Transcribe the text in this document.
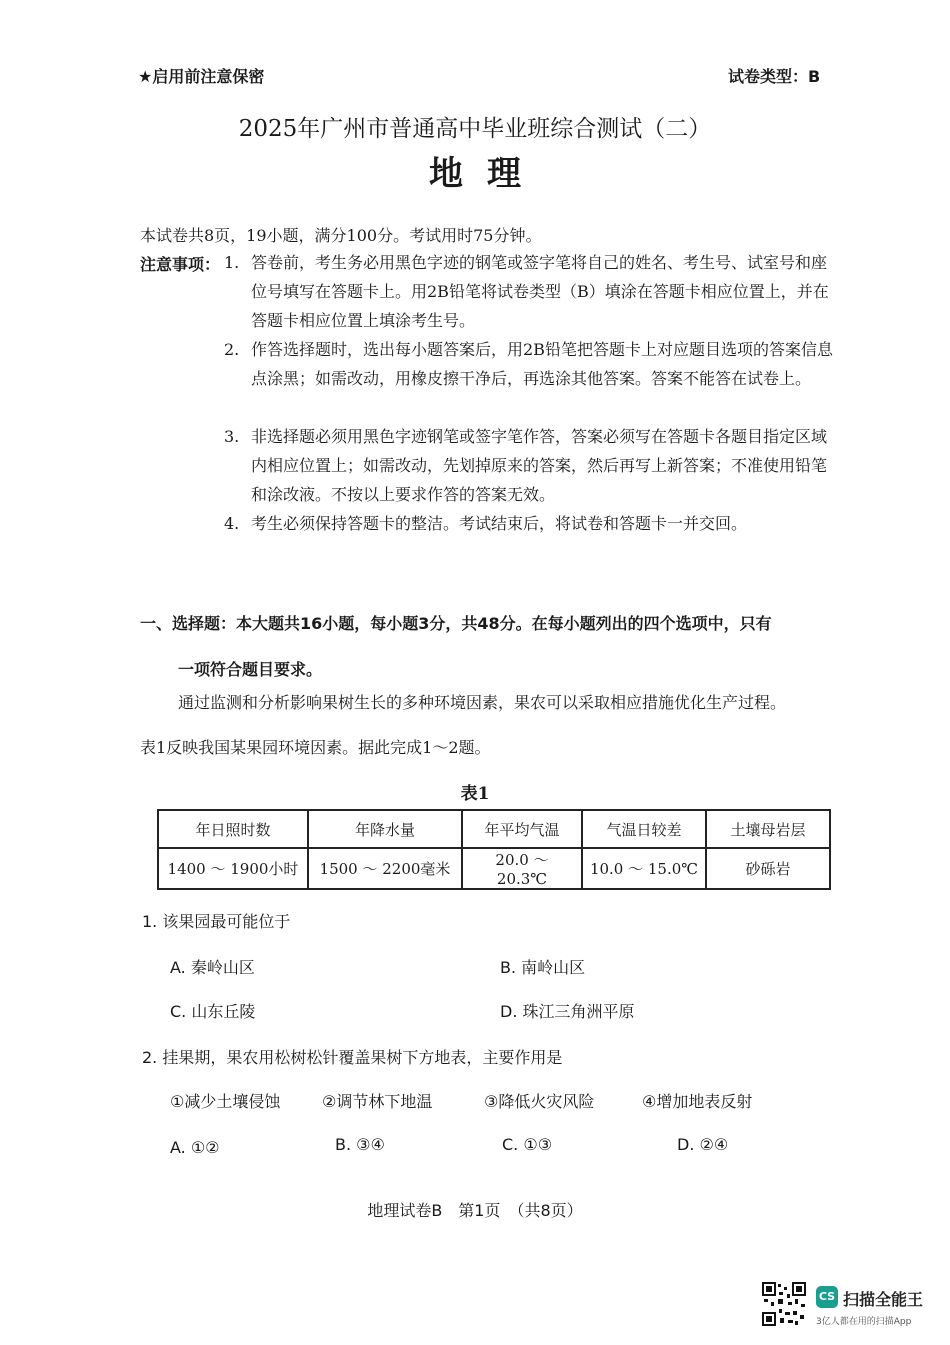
★启用前注意保密	试卷类型：B
2025年广州市普通高中毕业班综合测试（二）
地理
本试卷共8页，19小题，满分100分。考试用时75分钟。
注意事项： 1. 答卷前，考生务必用黑色字迹的钢笔或签字笔将自己的姓名、考生号、试室号和座位号填写在答题卡上。用2B铅笔将试卷类型（B）填涂在答题卡相应位置上，并在答题卡相应位置上填涂考生号。
2. 作答选择题时，选出每小题答案后，用2B铅笔把答题卡上对应题目选项的答案信息点涂黑；如需改动，用橡皮擦干净后，再选涂其他答案。答案不能答在试卷上。
3. 非选择题必须用黑色字迹钢笔或签字笔作答，答案必须写在答题卡各题目指定区域内相应位置上；如需改动，先划掉原来的答案，然后再写上新答案；不准使用铅笔和涂改液。不按以上要求作答的答案无效。
4. 考生必须保持答题卡的整洁。考试结束后，将试卷和答题卡一并交回。
一、选择题：本大题共16小题，每小题3分，共48分。在每小题列出的四个选项中，只有
一项符合题目要求。
通过监测和分析影响果树生长的多种环境因素，果农可以采取相应措施优化生产过程。
表1反映我国某果园环境因素。据此完成1～2题。
表1
年日照时数	年降水量	年平均气温	气温日较差	土壤母岩层
1400 ～ 1900小时	1500 ～ 2200毫米	20.0 ～ 20.3℃	10.0 ～ 15.0℃	砂砾岩
1. 该果园最可能位于
A. 秦岭山区	B. 南岭山区
C. 山东丘陵	D. 珠江三角洲平原
2. 挂果期，果农用松树松针覆盖果树下方地表，主要作用是
①减少土壤侵蚀	②调节林下地温	③降低火灾风险	④增加地表反射
A. ①②	B. ③④	C. ①③	D. ②④
地理试卷B　第1页　（共8页）
CS 扫描全能王
3亿人都在用的扫描App
